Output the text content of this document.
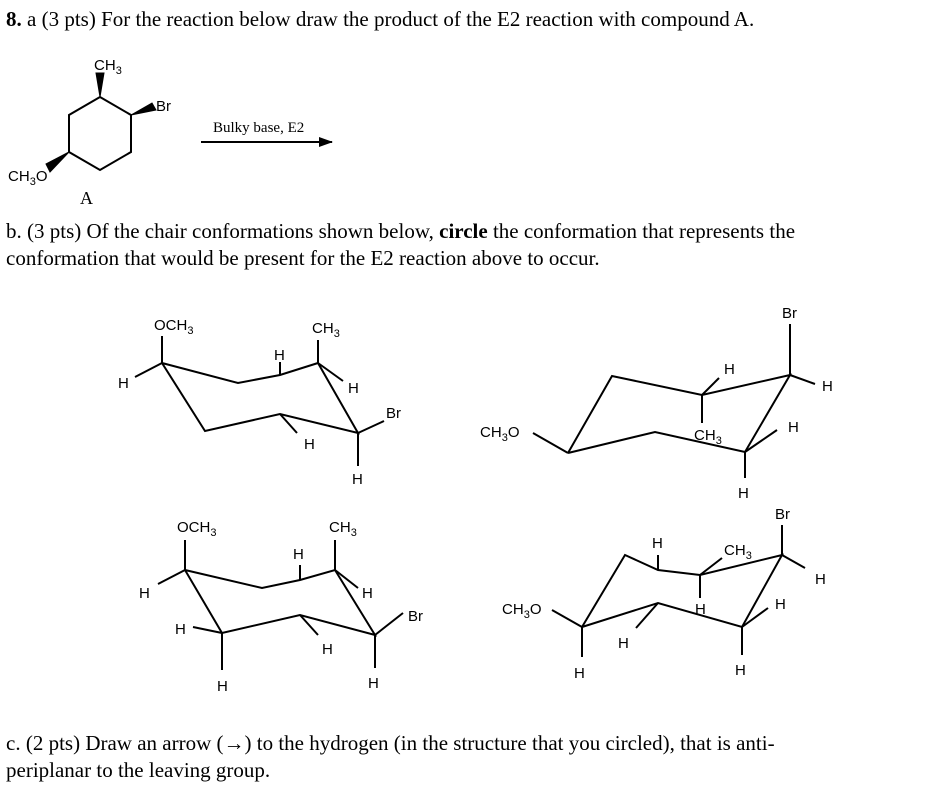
8. a (3 pts) For the reaction below draw the product of the E2 reaction with compound A.
b. (3 pts) Of the chair conformations shown below, circle the conformation that represents the
conformation that would be present for the E2 reaction above to occur.
c. (2 pts) Draw an arrow (→) to the hydrogen (in the structure that you circled), that is anti-
periplanar to the leaving group.
$CH_3$
Br
$CH_3O$
A
Bulky base, E2
$OCH_3$
H
H
H
$CH_3$
H
Br
H
$CH_3O$
H
$CH_3$
Br
H
H
H
$OCH_3$
H
H
H
H
H
$CH_3$
H
Br
H
$CH_3O$
H
H
H
$CH_3$
H
Br
H
H
H
